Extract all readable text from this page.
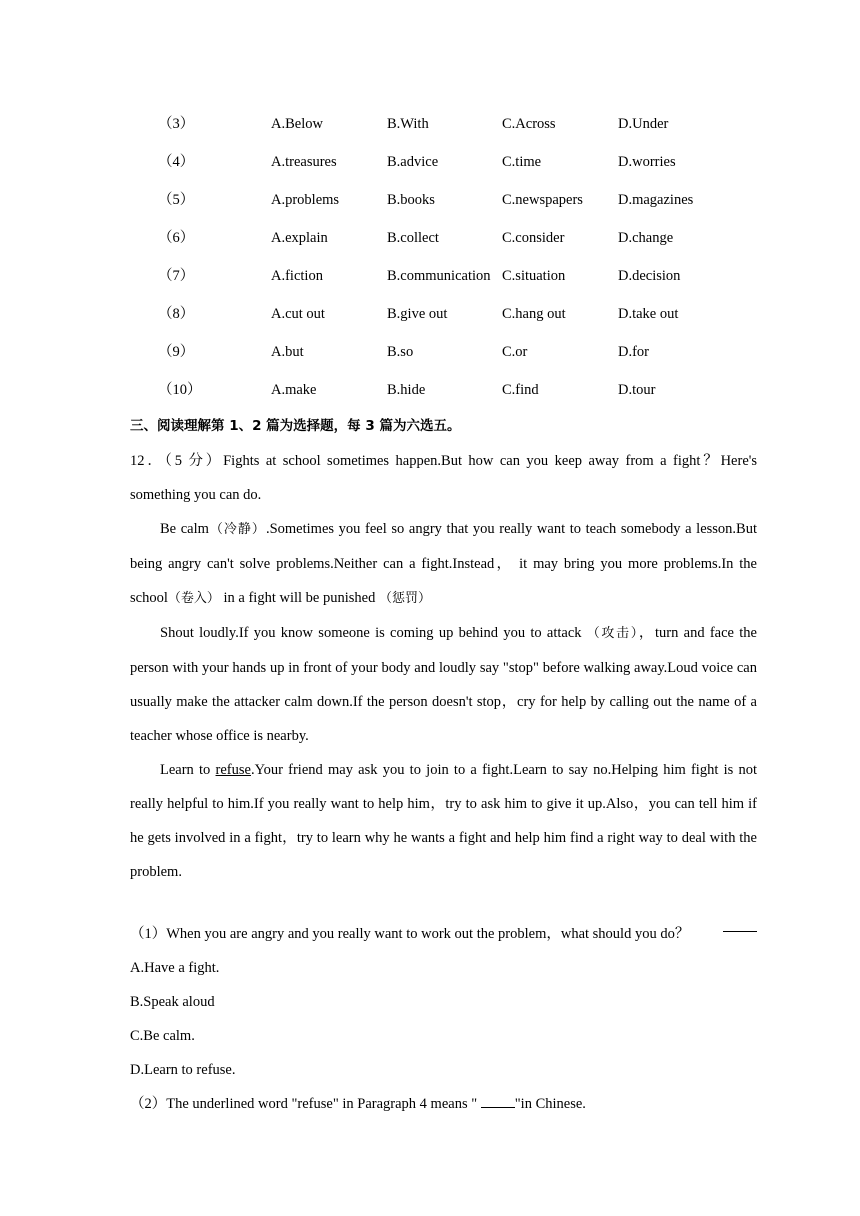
（3）	A.Below	B.With	C.Across	D.Under
（4）	A.treasures	B.advice	C.time	D.worries
（5）	A.problems	B.books	C.newspapers D.magazines
（6）	A.explain	B.collect	C.consider	D.change
（7）	A.fiction	B.communication C.situation	D.decision
（8）	A.cut out	B.give out	C.hang out	D.take out
（9）	A.but	B.so	C.or	D.for
（10）	A.make	B.hide	C.find	D.tour
三、阅读理解第 1、2 篇为选择题，每 3 篇为六选五。

12．（5 分）Fights at school sometimes happen.But how can you keep away from a fight？Here's something you can do.

Be calm（冷静）.Sometimes you feel so angry that you really want to teach somebody a lesson.But being angry can't solve problems.Neither can a fight.Instead， it may bring you more problems.In the school（卷入） in a fight will be punished （惩罚）

Shout loudly.If you know someone is coming up behind you to attack （攻击），turn and face the person with your hands up in front of your body and loudly say "stop" before walking away.Loud voice can usually make the attacker calm down.If the person doesn't stop，cry for help by calling out the name of a teacher whose office is nearby.

Learn to refuse.Your friend may ask you to join to a fight.Learn to say no.Helping him fight is not really helpful to him.If you really want to help him，try to ask him to give it up.Also，you can tell him if he gets involved in a fight，try to learn why he wants a fight and help him find a right way to deal with the problem.

（1）When you are angry and you really want to work out the problem，what should you do？

A.Have a fight.

B.Speak aloud

C.Be calm.

D.Learn to refuse.

（2）The underlined word "refuse" in Paragraph 4 means " "in Chinese.
